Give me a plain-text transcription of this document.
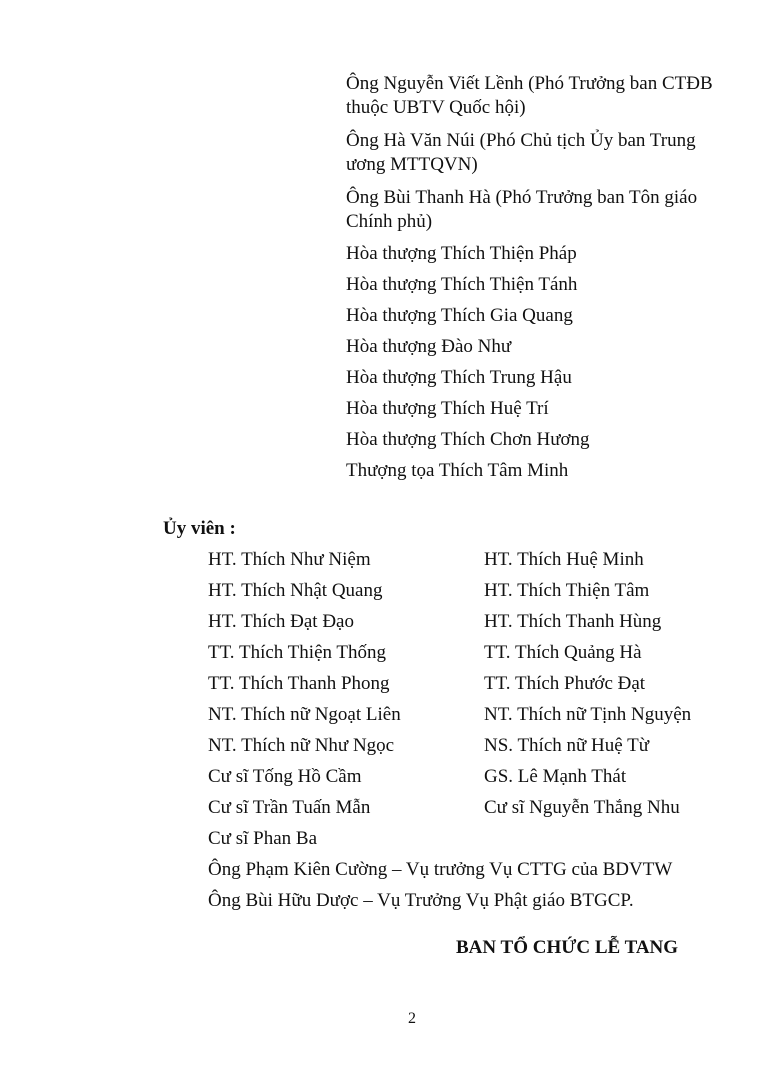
Ông Nguyễn Viết Lềnh (Phó Trưởng ban CTĐB thuộc UBTV Quốc hội)
Ông Hà Văn Núi (Phó Chủ tịch Ủy ban Trung ương MTTQVN)
Ông Bùi Thanh Hà (Phó Trưởng ban Tôn giáo Chính phủ)
Hòa thượng Thích Thiện Pháp
Hòa thượng Thích Thiện Tánh
Hòa thượng Thích Gia Quang
Hòa thượng Đào Như
Hòa thượng Thích Trung Hậu
Hòa thượng Thích Huệ Trí
Hòa thượng Thích Chơn Hương
Thượng tọa Thích Tâm Minh
Ủy viên :
HT. Thích Như Niệm
HT. Thích Nhật Quang
HT. Thích Đạt Đạo
TT. Thích Thiện Thống
TT. Thích Thanh Phong
NT. Thích nữ Ngoạt Liên
NT. Thích nữ Như Ngọc
Cư sĩ Tống Hồ Cầm
Cư sĩ Trần Tuấn Mẫn
Cư sĩ Phan Ba
HT. Thích Huệ Minh
HT. Thích Thiện Tâm
HT. Thích Thanh Hùng
TT. Thích Quảng Hà
TT. Thích Phước Đạt
NT. Thích nữ Tịnh Nguyện
NS. Thích nữ Huệ Từ
GS. Lê Mạnh Thát
Cư sĩ Nguyễn Thắng Nhu
Ông Phạm Kiên Cường – Vụ trưởng Vụ CTTG của BDVTW
Ông Bùi Hữu Dược – Vụ Trưởng Vụ Phật giáo BTGCP.
BAN TỔ CHỨC LỄ TANG
2
